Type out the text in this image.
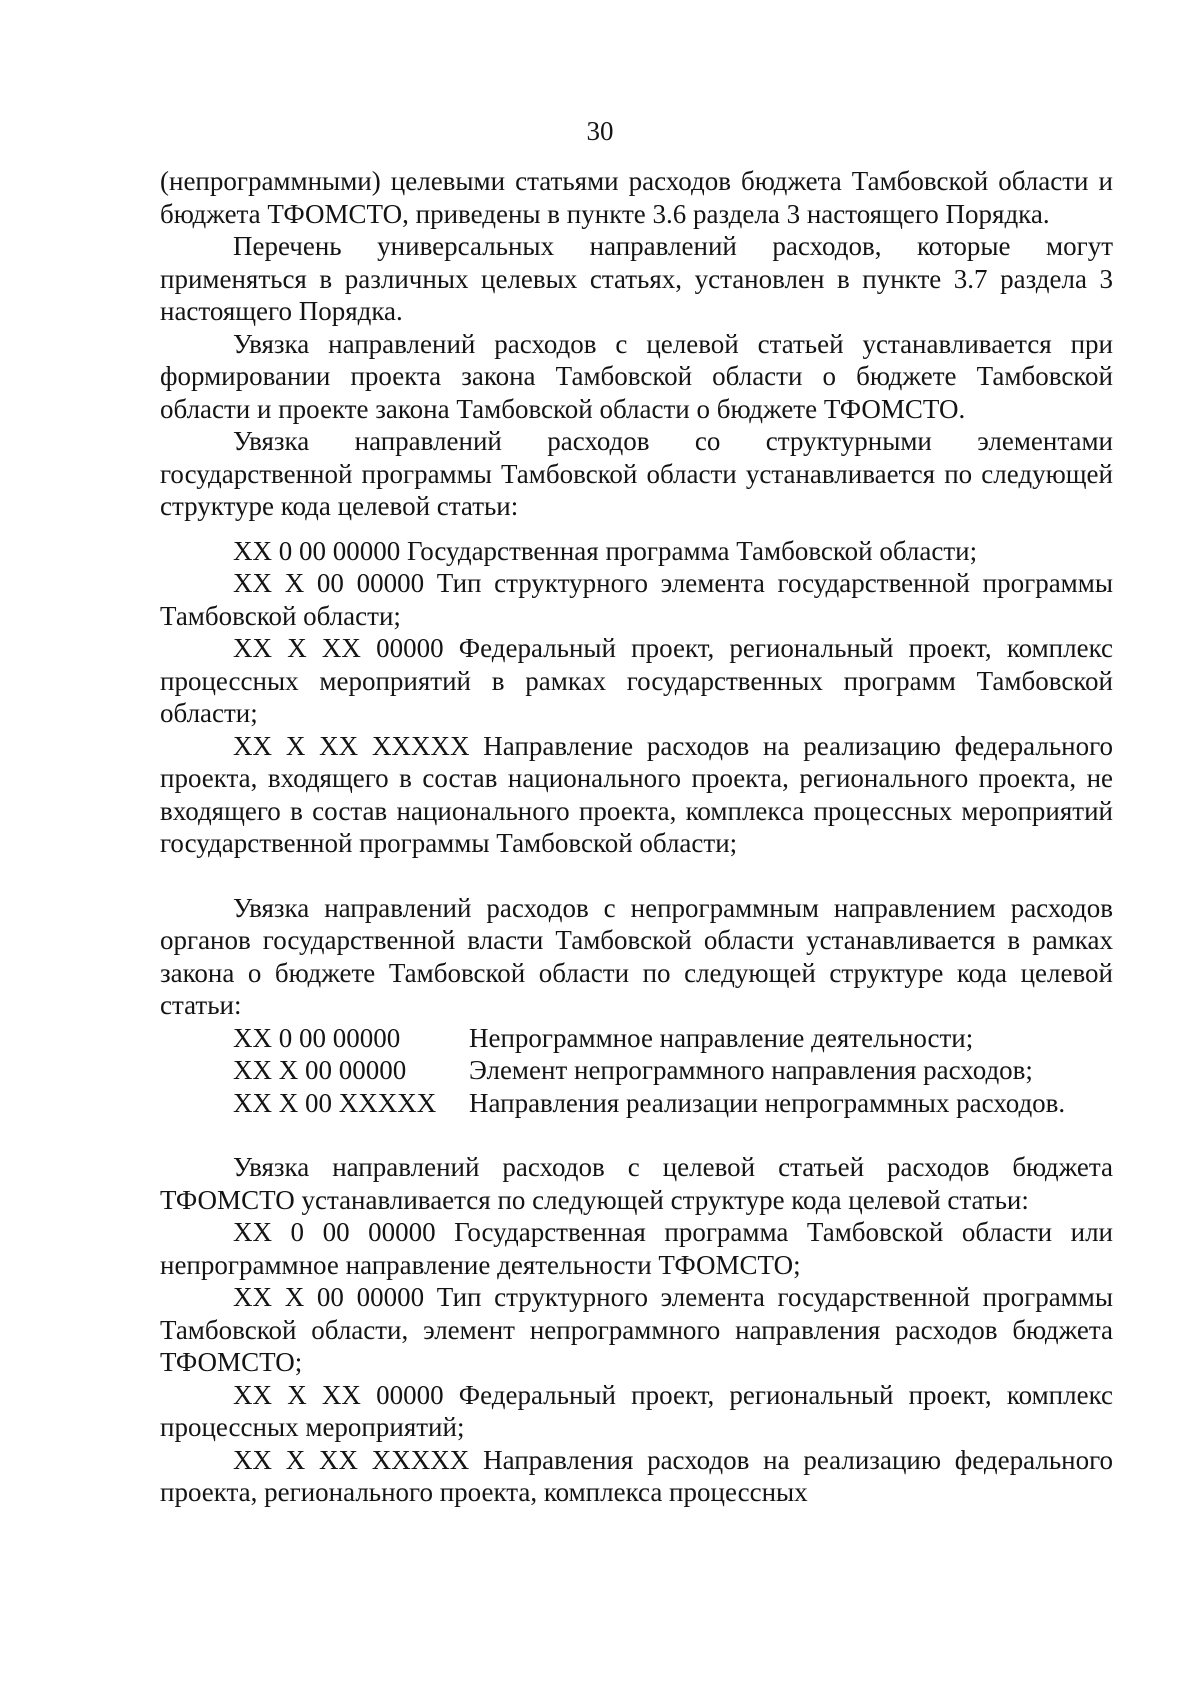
30

(непрограммными) целевыми статьями расходов бюджета Тамбовской области и бюджета ТФОМСТО, приведены в пункте 3.6 раздела 3 настоящего Порядка.

Перечень универсальных направлений расходов, которые могут применяться в различных целевых статьях, установлен в пункте 3.7 раздела 3 настоящего Порядка.

Увязка направлений расходов с целевой статьей устанавливается при формировании проекта закона Тамбовской области о бюджете Тамбовской области и проекте закона Тамбовской области о бюджете ТФОМСТО.

Увязка направлений расходов со структурными элементами государственной программы Тамбовской области устанавливается по следующей структуре кода целевой статьи:

XX 0 00 00000 Государственная программа Тамбовской области;

XX X 00 00000 Тип структурного элемента государственной программы Тамбовской области;

XX X XX 00000 Федеральный проект, региональный проект, комплекс процессных мероприятий в рамках государственных программ Тамбовской области;

XX X XX XXXXX Направление расходов на реализацию федерального проекта, входящего в состав национального проекта, регионального проекта, не входящего в состав национального проекта, комплекса процессных мероприятий государственной программы Тамбовской области;

Увязка направлений расходов с непрограммным направлением расходов органов государственной власти Тамбовской области устанавливается в рамках закона о бюджете Тамбовской области по следующей структуре кода целевой статьи:

XX 0 00 00000	Непрограммное направление деятельности;
XX X 00 00000	Элемент непрограммного направления расходов;
XX X 00 XXXXX	Направления реализации непрограммных расходов.

Увязка направлений расходов с целевой статьей расходов бюджета ТФОМСТО устанавливается по следующей структуре кода целевой статьи:

XX 0 00 00000 Государственная программа Тамбовской области или непрограммное направление деятельности ТФОМСТО;

XX X 00 00000 Тип структурного элемента государственной программы Тамбовской области, элемент непрограммного направления расходов бюджета ТФОМСТО;

XX X XX 00000 Федеральный проект, региональный проект, комплекс процессных мероприятий;

XX X XX XXXXX Направления расходов на реализацию федерального проекта, регионального проекта, комплекса процессных
